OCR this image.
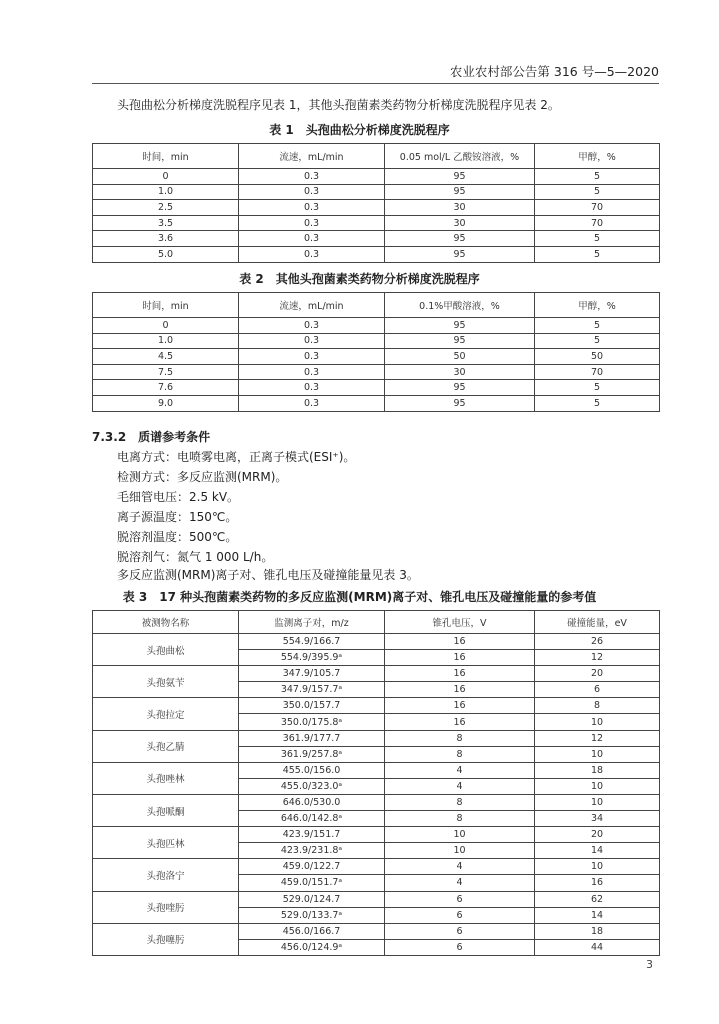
农业农村部公告第 316 号—5—2020
头孢曲松分析梯度洗脱程序见表 1，其他头孢菌素类药物分析梯度洗脱程序见表 2。
表 1　头孢曲松分析梯度洗脱程序
时间，min	流速，mL/min	0.05 mol/L 乙酸铵溶液，%	甲醇，%
0	0.3	95	5
1.0	0.3	95	5
2.5	0.3	30	70
3.5	0.3	30	70
3.6	0.3	95	5
5.0	0.3	95	5
表 2　其他头孢菌素类药物分析梯度洗脱程序
时间，min	流速，mL/min	0.1%甲酸溶液，%	甲醇，%
0	0.3	95	5
1.0	0.3	95	5
4.5	0.3	50	50
7.5	0.3	30	70
7.6	0.3	95	5
9.0	0.3	95	5
7.3.2　质谱参考条件
电离方式：电喷雾电离，正离子模式(ESI⁺)。
检测方式：多反应监测(MRM)。
毛细管电压：2.5 kV。
离子源温度：150℃。
脱溶剂温度：500℃。
脱溶剂气：氮气 1 000 L/h。
多反应监测(MRM)离子对、锥孔电压及碰撞能量见表 3。
表 3　17 种头孢菌素类药物的多反应监测(MRM)离子对、锥孔电压及碰撞能量的参考值
被测物名称	监测离子对，m/z	锥孔电压，V	碰撞能量，eV
头孢曲松	554.9/166.7	16	26
	554.9/395.9ᵃ	16	12
头孢氨苄	347.9/105.7	16	20
	347.9/157.7ᵃ	16	6
头孢拉定	350.0/157.7	16	8
	350.0/175.8ᵃ	16	10
头孢乙腈	361.9/177.7	8	12
	361.9/257.8ᵃ	8	10
头孢唑林	455.0/156.0	4	18
	455.0/323.0ᵃ	4	10
头孢哌酮	646.0/530.0	8	10
	646.0/142.8ᵃ	8	34
头孢匹林	423.9/151.7	10	20
	423.9/231.8ᵃ	10	14
头孢洛宁	459.0/122.7	4	10
	459.0/151.7ᵃ	4	16
头孢喹肟	529.0/124.7	6	62
	529.0/133.7ᵃ	6	14
头孢噻肟	456.0/166.7	6	18
	456.0/124.9ᵃ	6	44
3
